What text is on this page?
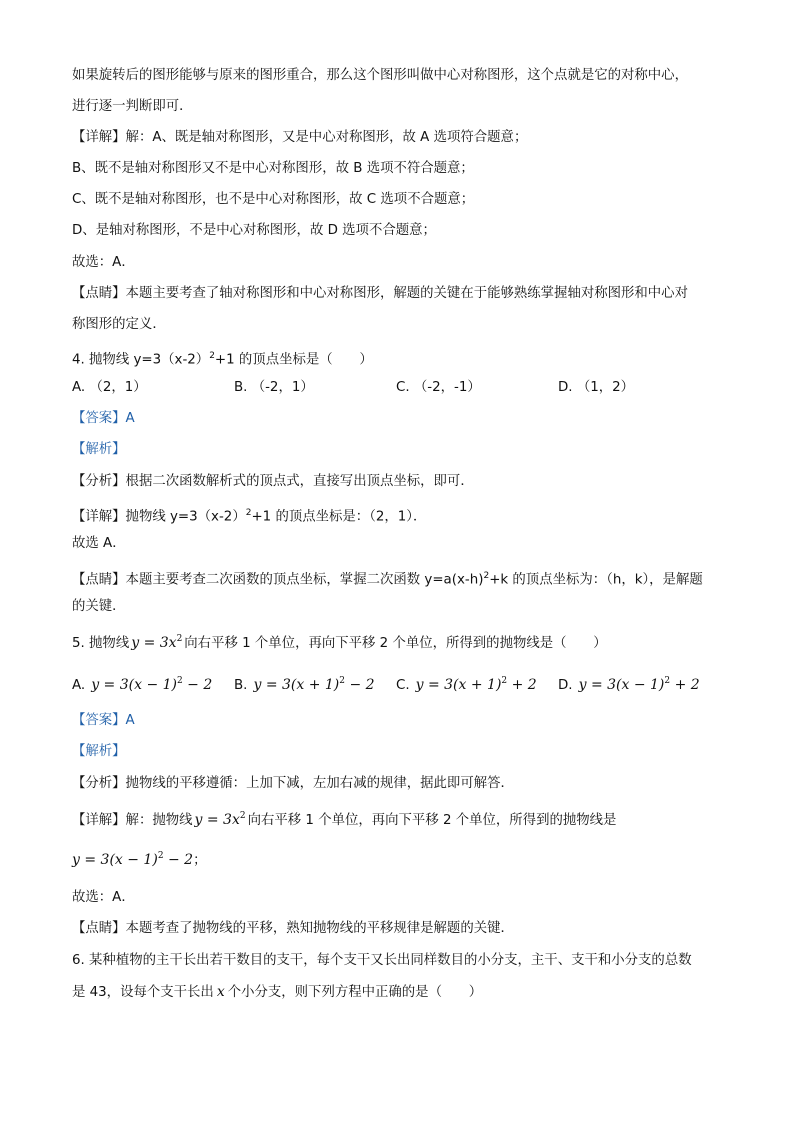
如果旋转后的图形能够与原来的图形重合，那么这个图形叫做中心对称图形，这个点就是它的对称中心，
进行逐一判断即可．
【详解】解：A、既是轴对称图形，又是中心对称图形，故 A 选项符合题意；
B、既不是轴对称图形又不是中心对称图形，故 B 选项不符合题意；
C、既不是轴对称图形，也不是中心对称图形，故 C 选项不合题意；
D、是轴对称图形，不是中心对称图形，故 D 选项不合题意；
故选：A．
【点睛】本题主要考查了轴对称图形和中心对称图形，解题的关键在于能够熟练掌握轴对称图形和中心对
称图形的定义．
4. 抛物线 $y=3(x-2)^2+1$ 的顶点坐标是（　　）
A. （2，1）	B. （-2，1）	C. （-2，-1）	D. （1，2）
【答案】A
【解析】
【分析】根据二次函数解析式的顶点式，直接写出顶点坐标，即可．
【详解】抛物线 $y=3(x-2)^2+1$ 的顶点坐标是：（2，1）．
故选 A．
【点睛】本题主要考查二次函数的顶点坐标，掌握二次函数 $y=a(x-h)^2+k$ 的顶点坐标为：（h，k），是解题
的关键．
5. 抛物线 $y = 3x^2$ 向右平移 1 个单位，再向下平移 2 个单位，所得到的抛物线是（　　）
A. $y = 3(x - 1)^2 - 2$ B. $y = 3(x + 1)^2 - 2$ C. $y = 3(x + 1)^2 + 2$ D. $y = 3(x - 1)^2 + 2$
【答案】A
【解析】
【分析】抛物线的平移遵循：上加下减，左加右减的规律，据此即可解答．
【详解】解：抛物线 $y = 3x^2$ 向右平移 1 个单位，再向下平移 2 个单位，所得到的抛物线是
$y = 3(x - 1)^2 - 2$；
故选：A．
【点睛】本题考查了抛物线的平移，熟知抛物线的平移规律是解题的关键．
6. 某种植物的主干长出若干数目的支干，每个支干又长出同样数目的小分支，主干、支干和小分支的总数
是 43，设每个支干长出 x 个小分支，则下列方程中正确的是（　　）
